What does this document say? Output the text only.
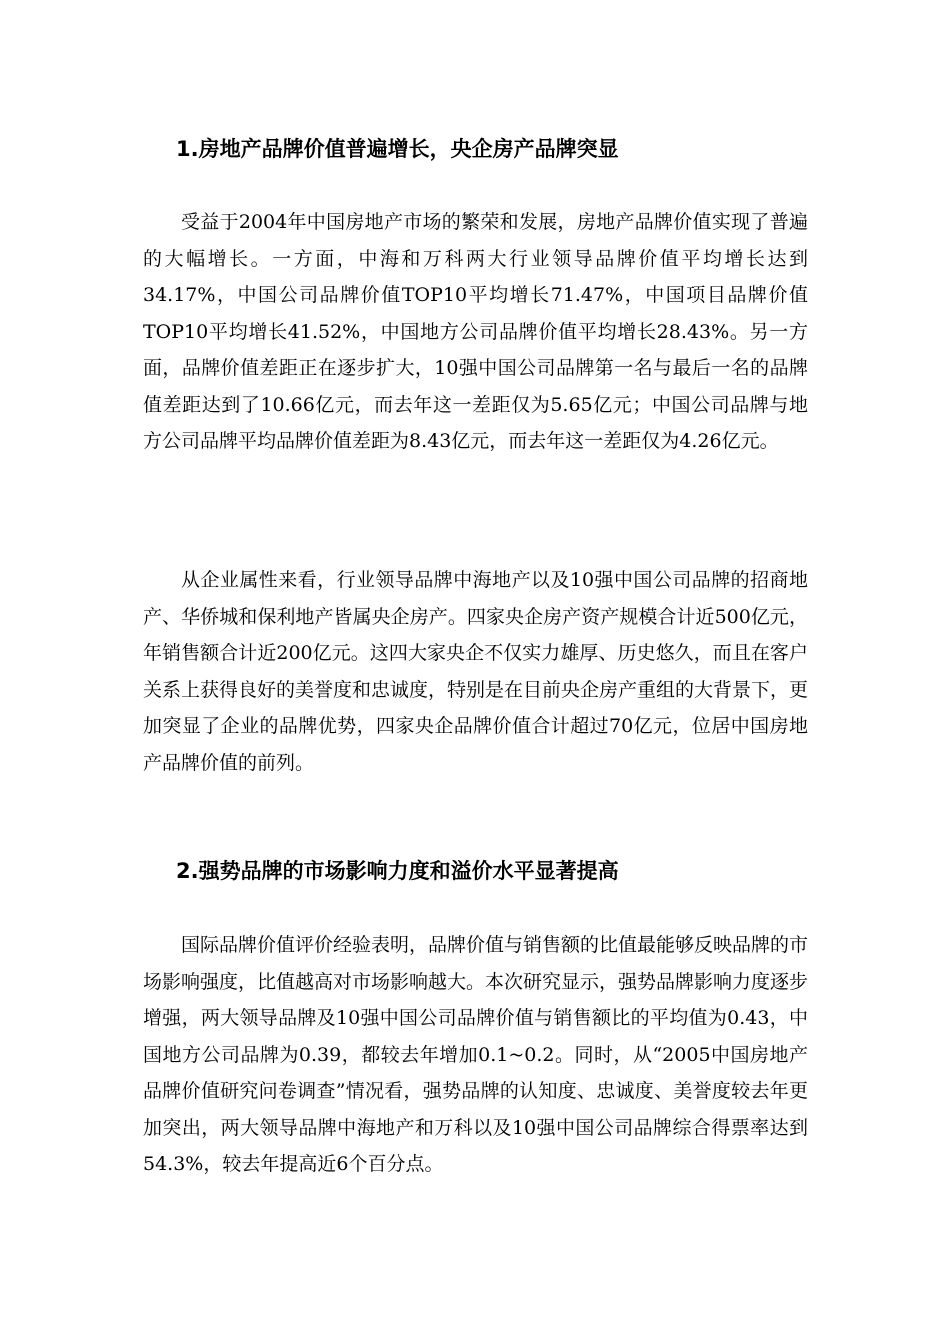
1.房地产品牌价值普遍增长，央企房产品牌突显

受益于2004年中国房地产市场的繁荣和发展，房地产品牌价值实现了普遍的大幅增长。一方面，中海和万科两大行业领导品牌价值平均增长达到34.17%，中国公司品牌价值TOP10平均增长71.47%，中国项目品牌价值TOP10平均增长41.52%，中国地方公司品牌价值平均增长28.43%。另一方面，品牌价值差距正在逐步扩大，10强中国公司品牌第一名与最后一名的品牌值差距达到了10.66亿元，而去年这一差距仅为5.65亿元；中国公司品牌与地方公司品牌平均品牌价值差距为8.43亿元，而去年这一差距仅为4.26亿元。

从企业属性来看，行业领导品牌中海地产以及10强中国公司品牌的招商地产、华侨城和保利地产皆属央企房产。四家央企房产资产规模合计近500亿元，年销售额合计近200亿元。这四大家央企不仅实力雄厚、历史悠久，而且在客户关系上获得良好的美誉度和忠诚度，特别是在目前央企房产重组的大背景下，更加突显了企业的品牌优势，四家央企品牌价值合计超过70亿元，位居中国房地产品牌价值的前列。

2.强势品牌的市场影响力度和溢价水平显著提高

国际品牌价值评价经验表明，品牌价值与销售额的比值最能够反映品牌的市场影响强度，比值越高对市场影响越大。本次研究显示，强势品牌影响力度逐步增强，两大领导品牌及10强中国公司品牌价值与销售额比的平均值为0.43，中国地方公司品牌为0.39，都较去年增加0.1~0.2。同时，从“2005中国房地产品牌价值研究问卷调查”情况看，强势品牌的认知度、忠诚度、美誉度较去年更加突出，两大领导品牌中海地产和万科以及10强中国公司品牌综合得票率达到54.3%，较去年提高近6个百分点。
